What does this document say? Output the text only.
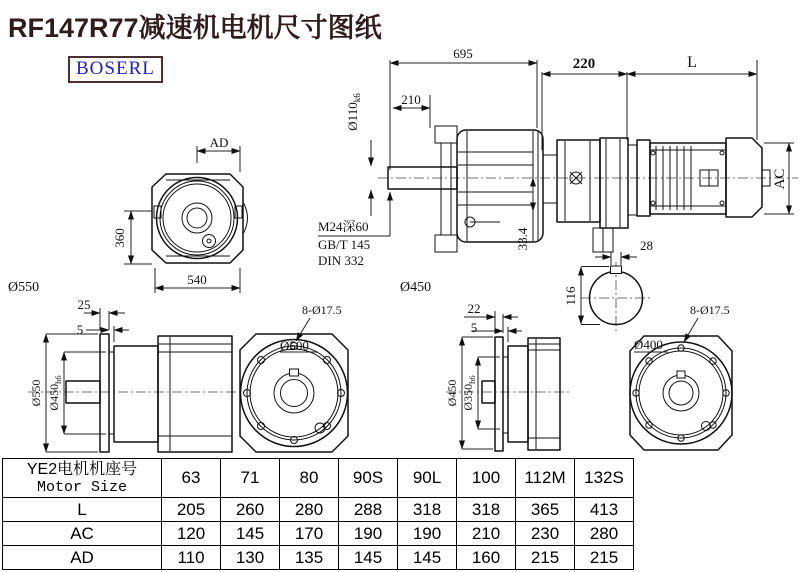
RF147R77减速机电机尺寸图纸
BOSERL
AD
360
540
Ø550	Ø450
695
220	L
AC
210
$Ø110_{k6}$
33.4
M24深60
GB/T 145
DIN 332
28
116
Ø550 $Ø450_{h6}$
25
5
Ø500
8-Ø17.5
Ø450 $Ø350_{h6}$
22
5
Ø400
8-Ø17.5
YE2电机机座号
Motor Size	63	71	80	90S	90L	100	112M	132S
L	205	260	280	288	318	318	365	413
AC	120	145	170	190	190	210	230	280
AD	110	130	135	145	145	160	215	215
